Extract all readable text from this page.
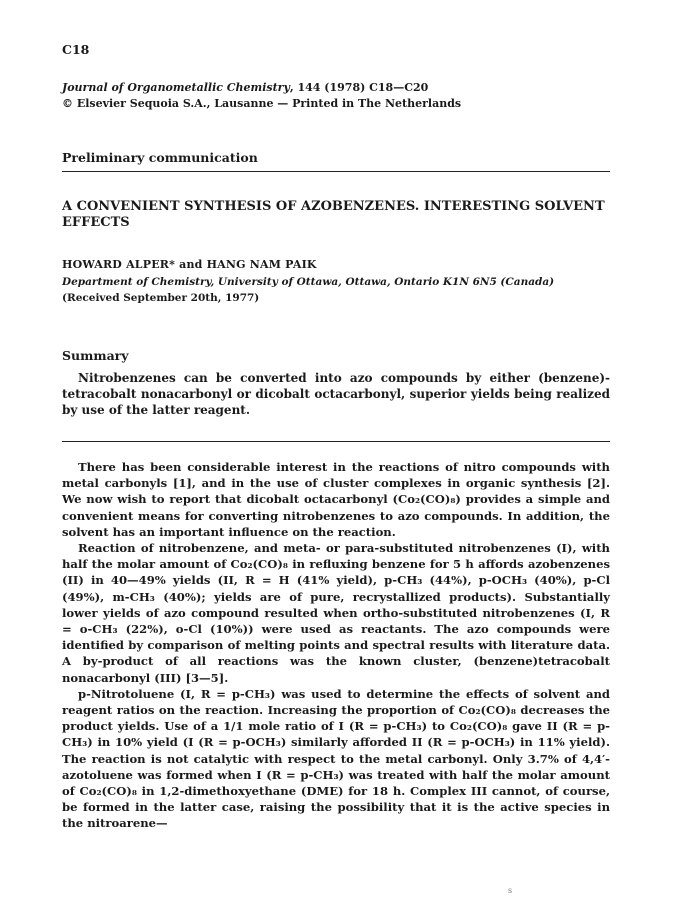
C18
Journal of Organometallic Chemistry, 144 (1978) C18—C20
© Elsevier Sequoia S.A., Lausanne — Printed in The Netherlands
Preliminary communication
A CONVENIENT SYNTHESIS OF AZOBENZENES. INTERESTING SOLVENT EFFECTS
HOWARD ALPER* and HANG NAM PAIK
Department of Chemistry, University of Ottawa, Ottawa, Ontario K1N 6N5 (Canada)
(Received September 20th, 1977)
Summary
Nitrobenzenes can be converted into azo compounds by either (benzene)-tetracobalt nonacarbonyl or dicobalt octacarbonyl, superior yields being realized by use of the latter reagent.

There has been considerable interest in the reactions of nitro compounds with metal carbonyls [1], and in the use of cluster complexes in organic synthesis [2]. We now wish to report that dicobalt octacarbonyl (Co₂(CO)₈) provides a simple and convenient means for converting nitrobenzenes to azo compounds. In addition, the solvent has an important influence on the reaction.

Reaction of nitrobenzene, and meta- or para-substituted nitrobenzenes (I), with half the molar amount of Co₂(CO)₈ in refluxing benzene for 5 h affords azobenzenes (II) in 40—49% yields (II, R = H (41% yield), p-CH₃ (44%), p-OCH₃ (40%), p-Cl (49%), m-CH₃ (40%); yields are of pure, recrystallized products). Substantially lower yields of azo compound resulted when ortho-substituted nitrobenzenes (I, R = o-CH₃ (22%), o-Cl (10%)) were used as reactants. The azo compounds were identified by comparison of melting points and spectral results with literature data. A by-product of all reactions was the known cluster, (benzene)tetracobalt nonacarbonyl (III) [3—5].

p-Nitrotoluene (I, R = p-CH₃) was used to determine the effects of solvent and reagent ratios on the reaction. Increasing the proportion of Co₂(CO)₈ decreases the product yields. Use of a 1/1 mole ratio of I (R = p-CH₃) to Co₂(CO)₈ gave II (R = p-CH₃) in 10% yield (I (R = p-OCH₃) similarly afforded II (R = p-OCH₃) in 11% yield). The reaction is not catalytic with respect to the metal carbonyl. Only 3.7% of 4,4′-azotoluene was formed when I (R = p-CH₃) was treated with half the molar amount of Co₂(CO)₈ in 1,2-dimethoxyethane (DME) for 18 h. Complex III cannot, of course, be formed in the latter case, raising the possibility that it is the active species in the nitroarene—

s
